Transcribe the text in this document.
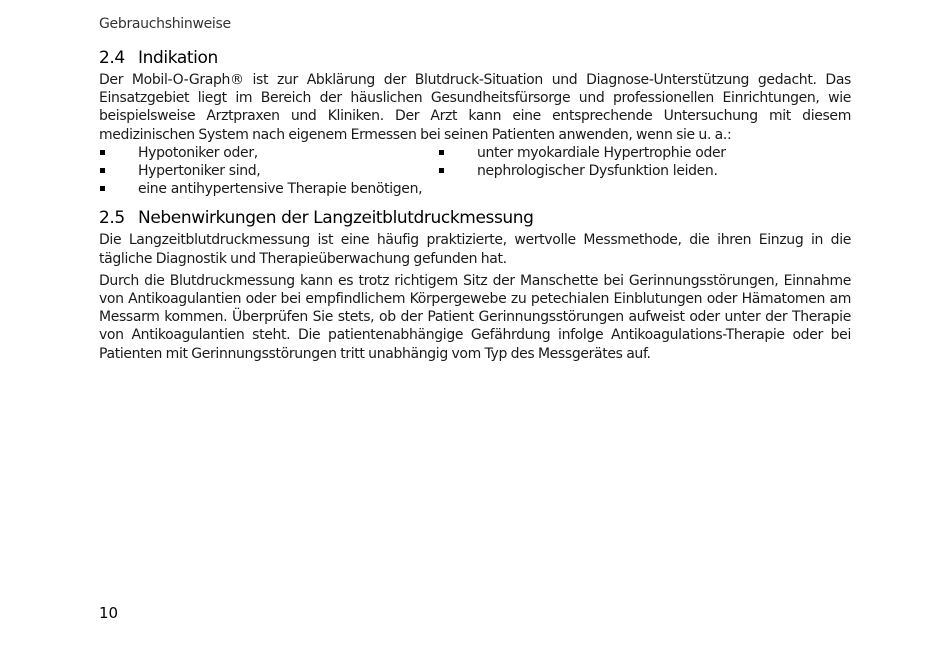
Gebrauchshinweise
2.4 Indikation

Der Mobil-O-Graph® ist zur Abklärung der Blutdruck-Situation und Diagnose-Unterstützung gedacht. Das Einsatzgebiet liegt im Bereich der häuslichen Gesundheitsfürsorge und professionellen Einrichtungen, wie beispielsweise Arztpraxen und Kliniken. Der Arzt kann eine entsprechende Untersuchung mit diesem medizinischen System nach eigenem Ermessen bei seinen Patienten anwenden, wenn sie u. a.:

Hypotoniker oder,
Hypertoniker sind,
eine antihypertensive Therapie benötigen,
unter myokardiale Hypertrophie oder
nephrologischer Dysfunktion leiden.
2.5 Nebenwirkungen der Langzeitblutdruckmessung

Die Langzeitblutdruckmessung ist eine häufig praktizierte, wertvolle Messmethode, die ihren Einzug in die tägliche Diagnostik und Therapieüberwachung gefunden hat.

Durch die Blutdruckmessung kann es trotz richtigem Sitz der Manschette bei Gerinnungsstörungen, Einnahme von Antikoagulantien oder bei empfindlichem Körpergewebe zu petechialen Einblutungen oder Hämatomen am Messarm kommen. Überprüfen Sie stets, ob der Patient Gerinnungsstörungen aufweist oder unter der Therapie von Antikoagulantien steht. Die patientenabhängige Gefährdung infolge Antikoagulations-Therapie oder bei Patienten mit Gerinnungsstörungen tritt unabhängig vom Typ des Messgerätes auf.

10
